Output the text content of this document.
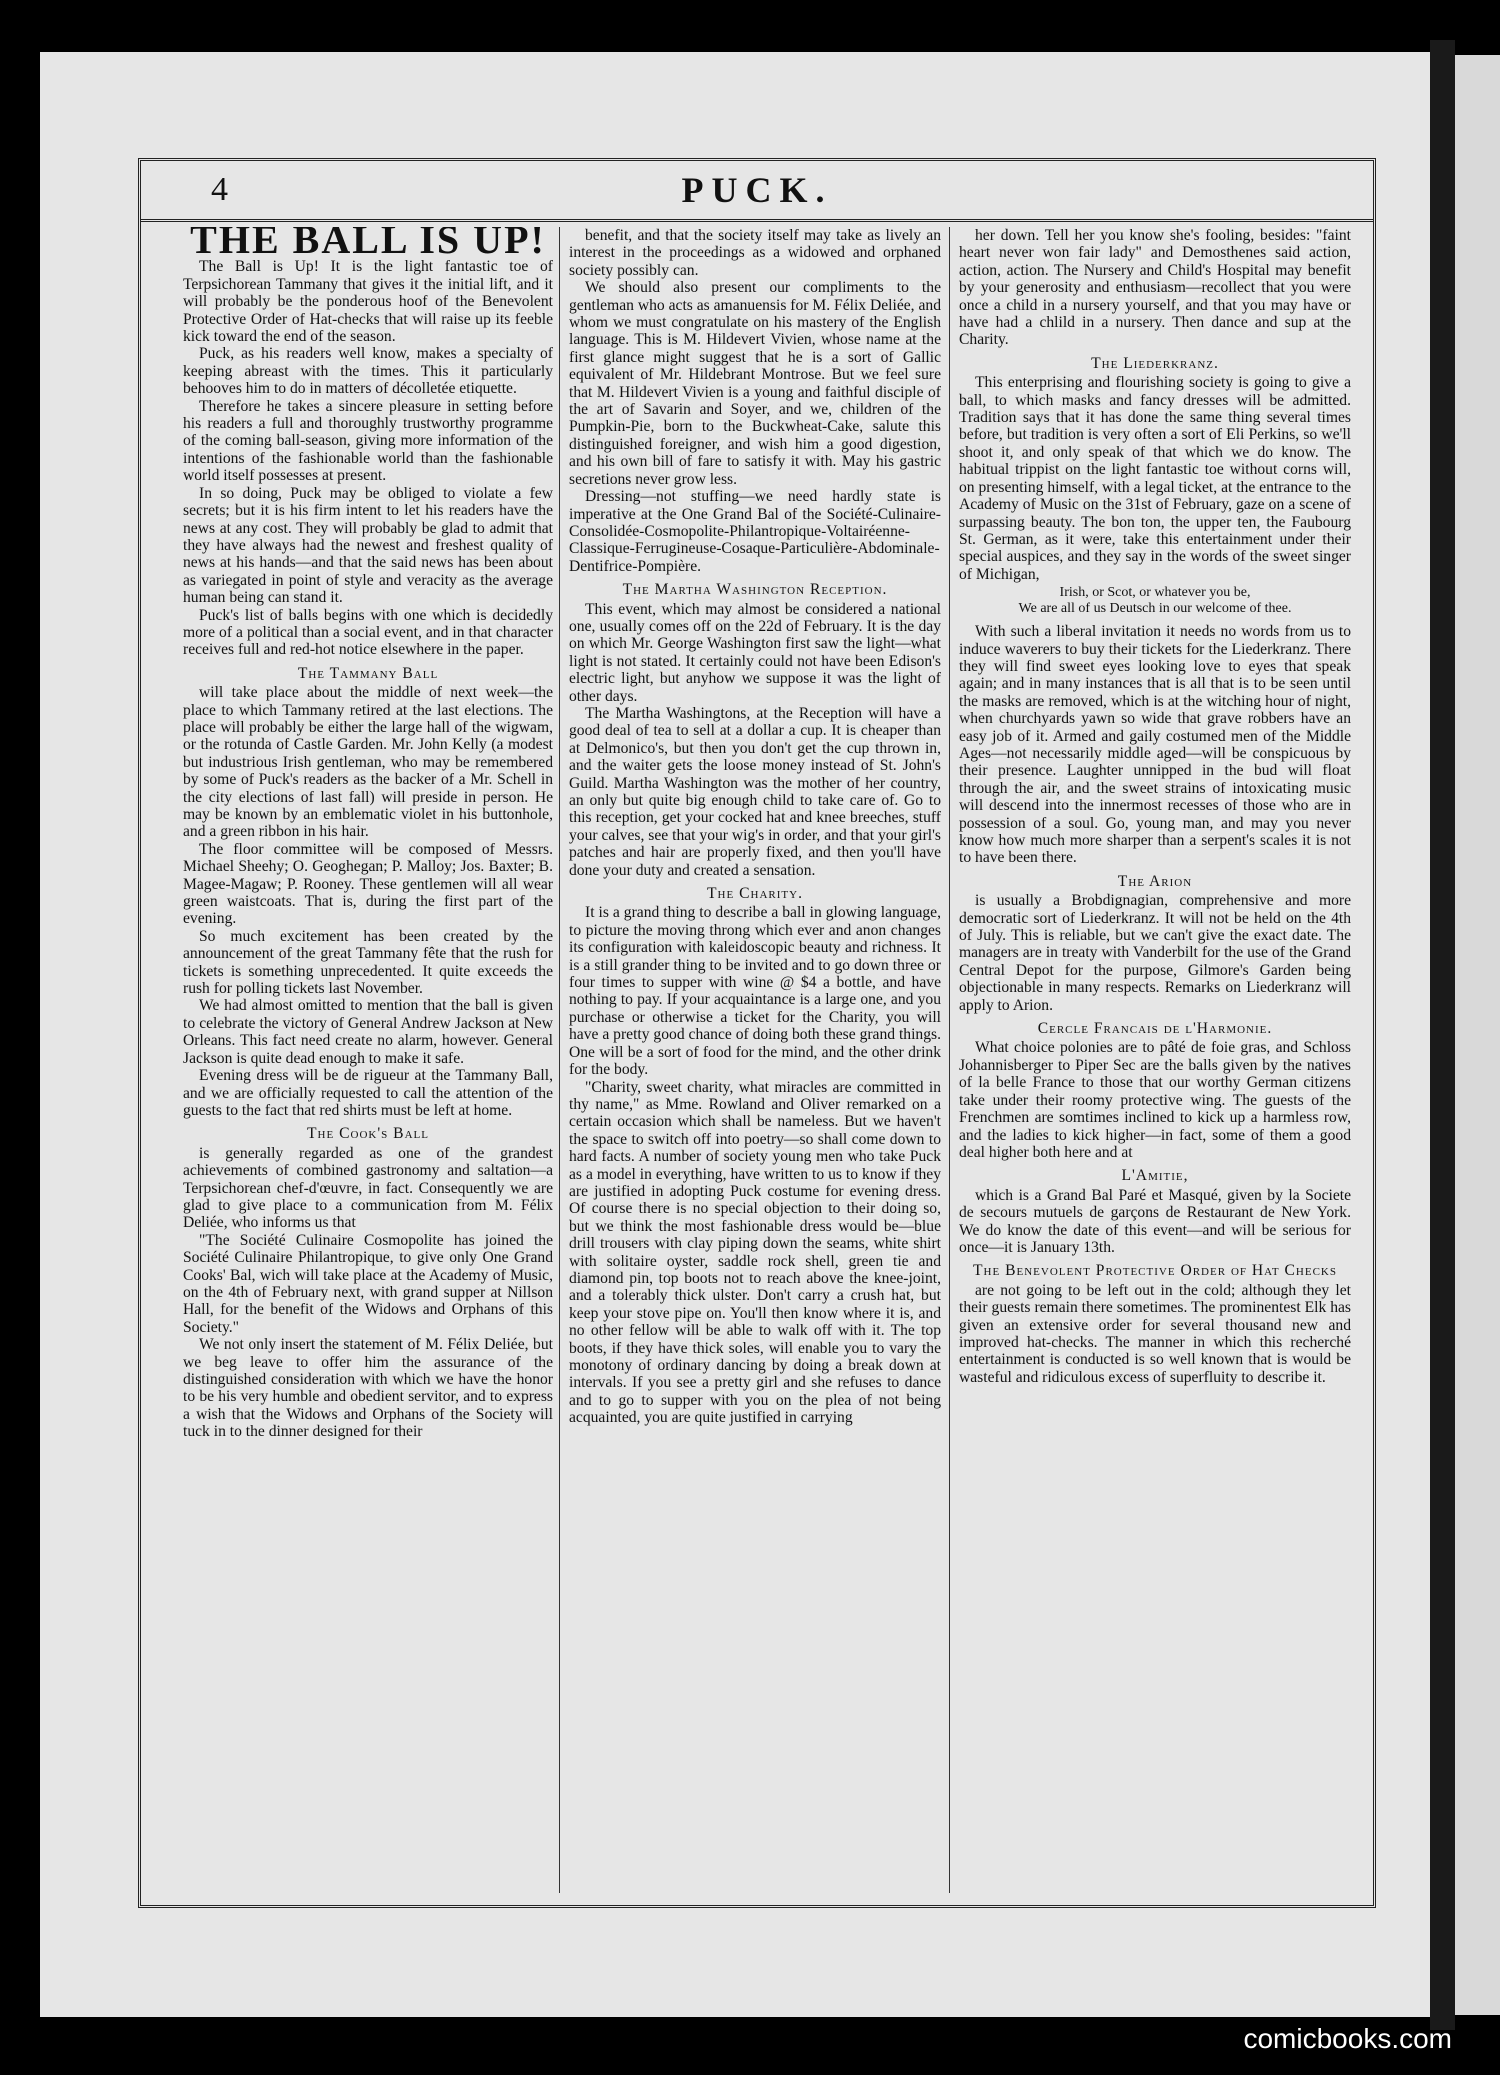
4	PUCK.
THE BALL IS UP!

The Ball is Up! It is the light fantastic toe of Terpsichorean Tammany that gives it the initial lift, and it will probably be the ponderous hoof of the Benevolent Protective Order of Hat-checks that will raise up its feeble kick toward the end of the season.

Puck, as his readers well know, makes a specialty of keeping abreast with the times. This it particularly behooves him to do in matters of décolletée etiquette.

Therefore he takes a sincere pleasure in setting before his readers a full and thoroughly trustworthy programme of the coming ball-season, giving more information of the intentions of the fashionable world than the fashionable world itself possesses at present.

In so doing, Puck may be obliged to violate a few secrets; but it is his firm intent to let his readers have the news at any cost. They will probably be glad to admit that they have always had the newest and freshest quality of news at his hands—and that the said news has been about as variegated in point of style and veracity as the average human being can stand it.

Puck's list of balls begins with one which is decidedly more of a political than a social event, and in that character receives full and red-hot notice elsewhere in the paper.

The Tammany Ball

will take place about the middle of next week—the place to which Tammany retired at the last elections. The place will probably be either the large hall of the wigwam, or the rotunda of Castle Garden. Mr. John Kelly (a modest but industrious Irish gentleman, who may be remembered by some of Puck's readers as the backer of a Mr. Schell in the city elections of last fall) will preside in person. He may be known by an emblematic violet in his buttonhole, and a green ribbon in his hair.

The floor committee will be composed of Messrs. Michael Sheehy; O. Geoghegan; P. Malloy; Jos. Baxter; B. Magee-Magaw; P. Rooney. These gentlemen will all wear green waistcoats. That is, during the first part of the evening.

So much excitement has been created by the announcement of the great Tammany fête that the rush for tickets is something unprecedented. It quite exceeds the rush for polling tickets last November.

We had almost omitted to mention that the ball is given to celebrate the victory of General Andrew Jackson at New Orleans. This fact need create no alarm, however. General Jackson is quite dead enough to make it safe.

Evening dress will be de rigueur at the Tammany Ball, and we are officially requested to call the attention of the guests to the fact that red shirts must be left at home.

The Cook's Ball

is generally regarded as one of the grandest achievements of combined gastronomy and saltation—a Terpsichorean chef-d'œuvre, in fact. Consequently we are glad to give place to a communication from M. Félix Deliée, who informs us that

"The Société Culinaire Cosmopolite has joined the Société Culinaire Philantropique, to give only One Grand Cooks' Bal, wich will take place at the Academy of Music, on the 4th of February next, with grand supper at Nillson Hall, for the benefit of the Widows and Orphans of this Society."

We not only insert the statement of M. Félix Deliée, but we beg leave to offer him the assurance of the distinguished consideration with which we have the honor to be his very humble and obedient servitor, and to express a wish that the Widows and Orphans of the Society will tuck in to the dinner designed for their

benefit, and that the society itself may take as lively an interest in the proceedings as a widowed and orphaned society possibly can.

We should also present our compliments to the gentleman who acts as amanuensis for M. Félix Deliée, and whom we must congratulate on his mastery of the English language. This is M. Hildevert Vivien, whose name at the first glance might suggest that he is a sort of Gallic equivalent of Mr. Hildebrant Montrose. But we feel sure that M. Hildevert Vivien is a young and faithful disciple of the art of Savarin and Soyer, and we, children of the Pumpkin-Pie, born to the Buckwheat-Cake, salute this distinguished foreigner, and wish him a good digestion, and his own bill of fare to satisfy it with. May his gastric secretions never grow less.

Dressing—not stuffing—we need hardly state is imperative at the One Grand Bal of the Société-Culinaire-Consolidée-Cosmopolite-Philantropique-Voltairéenne-Classique-Ferrugineuse-Cosaque-Particulière-Abdominale-Dentifrice-Pompière.

The Martha Washington Reception.

This event, which may almost be considered a national one, usually comes off on the 22d of February. It is the day on which Mr. George Washington first saw the light—what light is not stated. It certainly could not have been Edison's electric light, but anyhow we suppose it was the light of other days.

The Martha Washingtons, at the Reception will have a good deal of tea to sell at a dollar a cup. It is cheaper than at Delmonico's, but then you don't get the cup thrown in, and the waiter gets the loose money instead of St. John's Guild. Martha Washington was the mother of her country, an only but quite big enough child to take care of. Go to this reception, get your cocked hat and knee breeches, stuff your calves, see that your wig's in order, and that your girl's patches and hair are properly fixed, and then you'll have done your duty and created a sensation.

The Charity.

It is a grand thing to describe a ball in glowing language, to picture the moving throng which ever and anon changes its configuration with kaleidoscopic beauty and richness. It is a still grander thing to be invited and to go down three or four times to supper with wine @ $4 a bottle, and have nothing to pay. If your acquaintance is a large one, and you purchase or otherwise a ticket for the Charity, you will have a pretty good chance of doing both these grand things. One will be a sort of food for the mind, and the other drink for the body.

"Charity, sweet charity, what miracles are committed in thy name," as Mme. Rowland and Oliver remarked on a certain occasion which shall be nameless. But we haven't the space to switch off into poetry—so shall come down to hard facts. A number of society young men who take Puck as a model in everything, have written to us to know if they are justified in adopting Puck costume for evening dress. Of course there is no special objection to their doing so, but we think the most fashionable dress would be—blue drill trousers with clay piping down the seams, white shirt with solitaire oyster, saddle rock shell, green tie and diamond pin, top boots not to reach above the knee-joint, and a tolerably thick ulster. Don't carry a crush hat, but keep your stove pipe on. You'll then know where it is, and no other fellow will be able to walk off with it. The top boots, if they have thick soles, will enable you to vary the monotony of ordinary dancing by doing a break down at intervals. If you see a pretty girl and she refuses to dance and to go to supper with you on the plea of not being acquainted, you are quite justified in carrying

her down. Tell her you know she's fooling, besides: "faint heart never won fair lady" and Demosthenes said action, action, action. The Nursery and Child's Hospital may benefit by your generosity and enthusiasm—recollect that you were once a child in a nursery yourself, and that you may have or have had a chlild in a nursery. Then dance and sup at the Charity.

The Liederkranz.

This enterprising and flourishing society is going to give a ball, to which masks and fancy dresses will be admitted. Tradition says that it has done the same thing several times before, but tradition is very often a sort of Eli Perkins, so we'll shoot it, and only speak of that which we do know. The habitual trippist on the light fantastic toe without corns will, on presenting himself, with a legal ticket, at the entrance to the Academy of Music on the 31st of February, gaze on a scene of surpassing beauty. The bon ton, the upper ten, the Faubourg St. German, as it were, take this entertainment under their special auspices, and they say in the words of the sweet singer of Michigan,

Irish, or Scot, or whatever you be,
We are all of us Deutsch in our welcome of thee.

With such a liberal invitation it needs no words from us to induce waverers to buy their tickets for the Liederkranz. There they will find sweet eyes looking love to eyes that speak again; and in many instances that is all that is to be seen until the masks are removed, which is at the witching hour of night, when churchyards yawn so wide that grave robbers have an easy job of it. Armed and gaily costumed men of the Middle Ages—not necessarily middle aged—will be conspicuous by their presence. Laughter unnipped in the bud will float through the air, and the sweet strains of intoxicating music will descend into the innermost recesses of those who are in possession of a soul. Go, young man, and may you never know how much more sharper than a serpent's scales it is not to have been there.

The Arion

is usually a Brobdignagian, comprehensive and more democratic sort of Liederkranz. It will not be held on the 4th of July. This is reliable, but we can't give the exact date. The managers are in treaty with Vanderbilt for the use of the Grand Central Depot for the purpose, Gilmore's Garden being objectionable in many respects. Remarks on Liederkranz will apply to Arion.

Cercle Francais de l'Harmonie.

What choice polonies are to pâté de foie gras, and Schloss Johannisberger to Piper Sec are the balls given by the natives of la belle France to those that our worthy German citizens take under their roomy protective wing. The guests of the Frenchmen are somtimes inclined to kick up a harmless row, and the ladies to kick higher—in fact, some of them a good deal higher both here and at

L'Amitie,

which is a Grand Bal Paré et Masqué, given by la Societe de secours mutuels de garçons de Restaurant de New York. We do know the date of this event—and will be serious for once—it is January 13th.

The Benevolent Protective Order of Hat Checks

are not going to be left out in the cold; although they let their guests remain there sometimes. The prominentest Elk has given an extensive order for several thousand new and improved hat-checks. The manner in which this recherché entertainment is conducted is so well known that is would be wasteful and ridiculous excess of superfluity to describe it.

comicbooks.com
